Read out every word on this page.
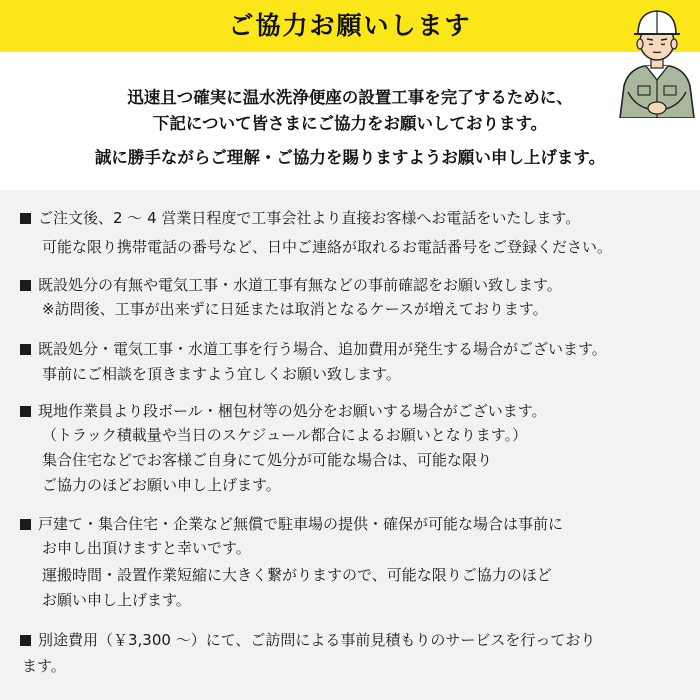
ご協力お願いします
迅速且つ確実に温水洗浄便座の設置工事を完了するために、
下記について皆さまにご協力をお願いしております。
誠に勝手ながらご理解・ご協力を賜りますようお願い申し上げます。
ご注文後、2 ～ 4 営業日程度で工事会社より直接お客様へお電話をいたします。
可能な限り携帯電話の番号など、日中ご連絡が取れるお電話番号をご登録ください。
既設処分の有無や電気工事・水道工事有無などの事前確認をお願い致します。
※訪問後、工事が出来ずに日延または取消となるケースが増えております。
既設処分・電気工事・水道工事を行う場合、追加費用が発生する場合がございます。
事前にご相談を頂きますよう宜しくお願い致します。
現地作業員より段ボール・梱包材等の処分をお願いする場合がございます。
（トラック積載量や当日のスケジュール都合によるお願いとなります。）
集合住宅などでお客様ご自身にて処分が可能な場合は、可能な限り
ご協力のほどお願い申し上げます。
戸建て・集合住宅・企業など無償で駐車場の提供・確保が可能な場合は事前に
お申し出頂けますと幸いです。
運搬時間・設置作業短縮に大きく繋がりますので、可能な限りご協力のほど
お願い申し上げます。
別途費用（￥3,300 ～）にて、ご訪問による事前見積もりのサービスを行っており
ます。
